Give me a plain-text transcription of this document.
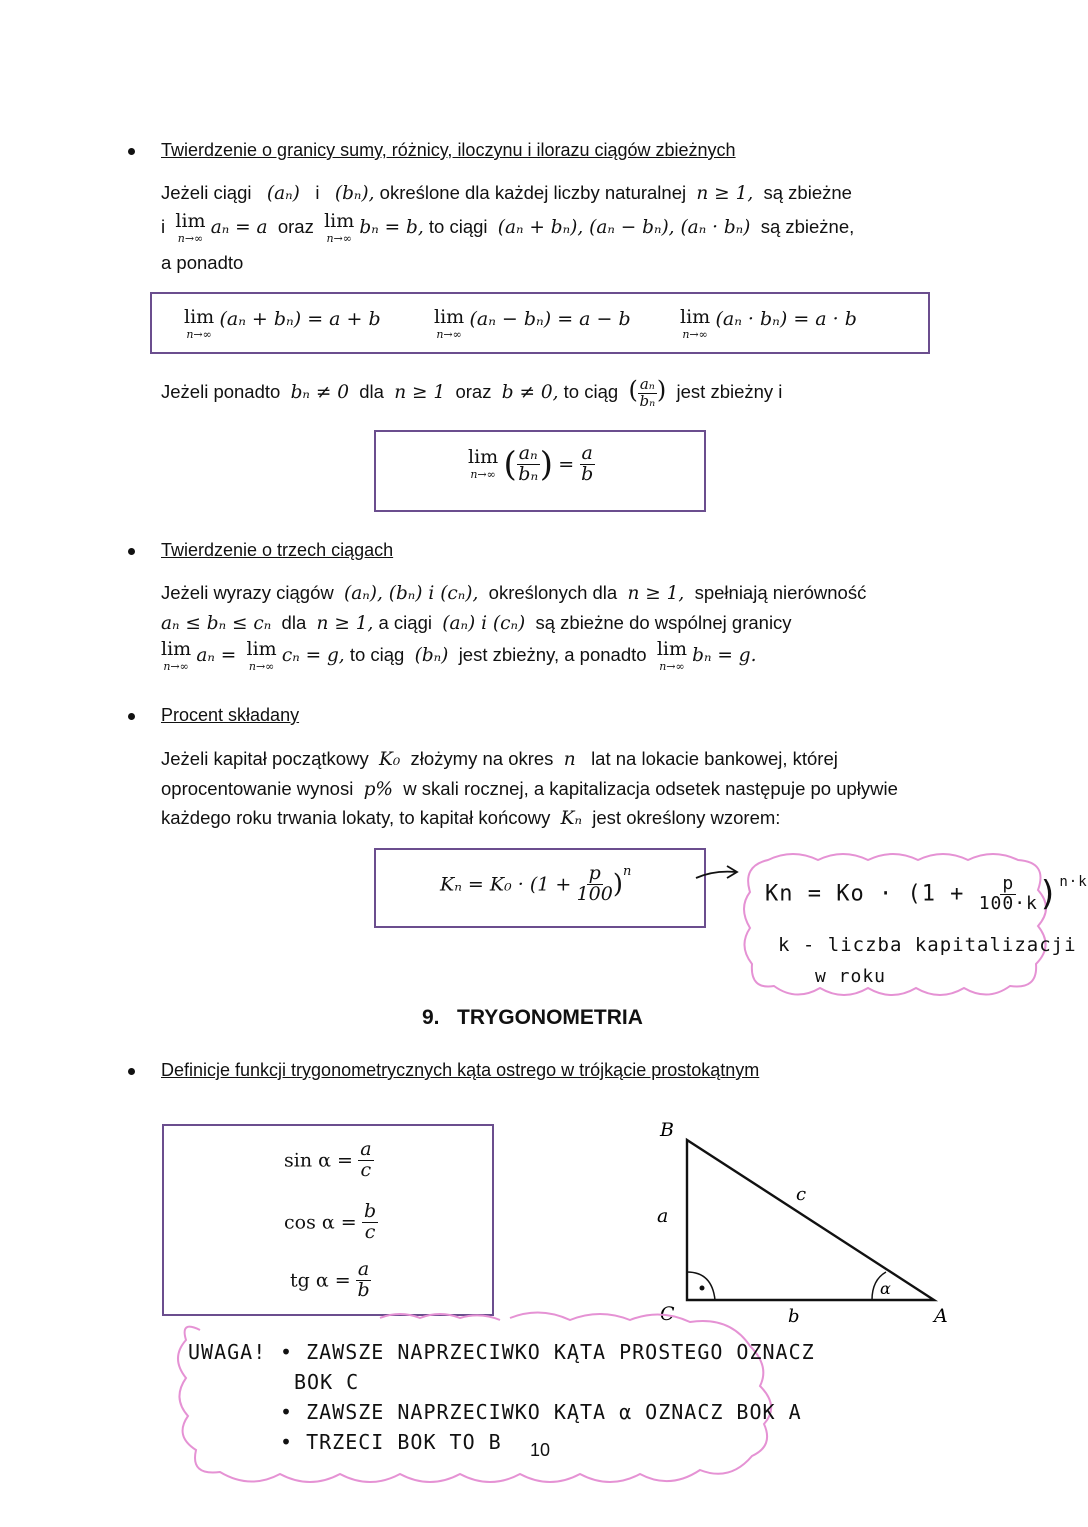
Twierdzenie o granicy sumy, różnicy, iloczynu i ilorazu ciągów zbieżnych
Jeżeli ciągi (aₙ) i (bₙ), określone dla każdej liczby naturalnej n ≥ 1, są zbieżne
i lim
n→∞
aₙ = a oraz lim
n→∞
bₙ = b, to ciągi (aₙ + bₙ), (aₙ − bₙ), (aₙ · bₙ) są zbieżne,
a ponadto
lim
n→∞
(aₙ + bₙ) = a + b	lim
n→∞
(aₙ − bₙ) = a − b	lim
n→∞
(aₙ · bₙ) = a · b
Jeżeli ponadto bₙ ≠ 0 dla n ≥ 1 oraz b ≠ 0, to ciąg ( $\frac{\text{aₙ}}{\text{bₙ}}$ ) jest zbieżny i
lim
n→∞ ( $\frac{\text{aₙ}}{\text{bₙ}}$ ) = $\frac{a}{b}$
Twierdzenie o trzech ciągach
Jeżeli wyrazy ciągów (aₙ), (bₙ) i (cₙ), określonych dla n ≥ 1, spełniają nierówność
aₙ ≤ bₙ ≤ cₙ dla n ≥ 1, a ciągi (aₙ) i (cₙ) są zbieżne do wspólnej granicy
lim
n→∞
aₙ = lim
n→∞
cₙ = g, to ciąg (bₙ) jest zbieżny, a ponadto lim
n→∞
bₙ = g.
Procent składany
Jeżeli kapitał początkowy K₀ złożymy na okres n lat na lokacie bankowej, której
oprocentowanie wynosi p% w skali rocznej, a kapitalizacja odsetek następuje po upływie
każdego roku trwania lokaty, to kapitał końcowy Kₙ jest określony wzorem:
$K_n = K_0 \cdot (1 + \frac{p}{100} )^n$
$Kn = Ko \cdot (1 + \frac{p}{100\cdot k} )^{n\cdot k}$
k - liczba kapitalizacji
w roku
9. TRYGONOMETRIA
Definicje funkcji trygonometrycznych kąta ostrego w trójkącie prostokątnym
$\sin \alpha = \frac{a}{c}$
$\cos \alpha = \frac{b}{c}$
tg $\alpha = \frac{a}{b}$
B
a
c
C	b	A
α
UWAGA! • ZAWSZE NAPRZECIWKO KĄTA PROSTEGO OZNACZ
BOK C
• ZAWSZE NAPRZECIWKO KĄTA α OZNACZ BOK A
• TRZECI BOK TO B 10
